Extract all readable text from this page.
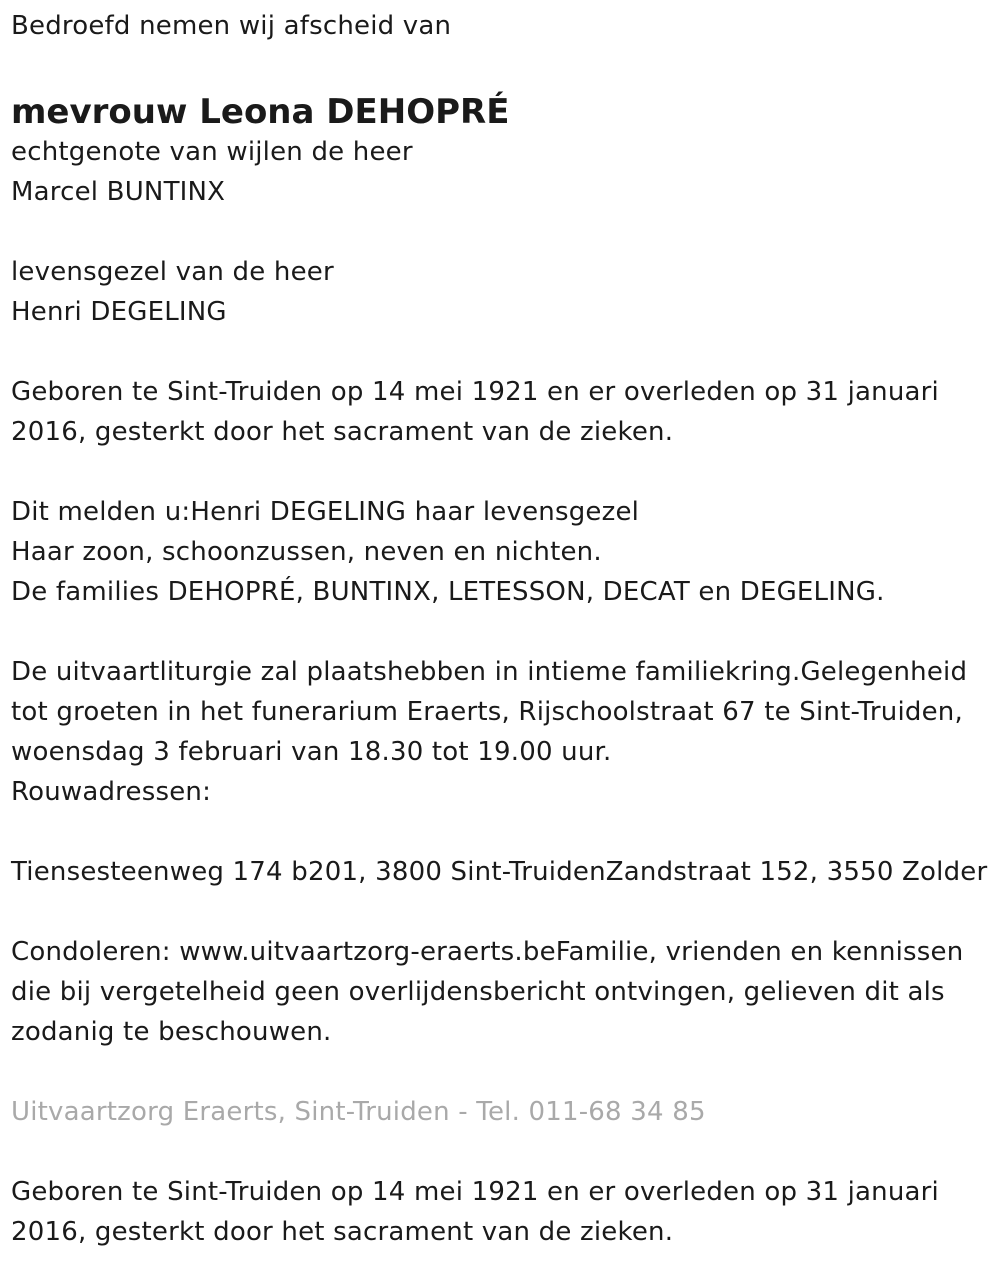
Bedroefd nemen wij afscheid van
mevrouw Leona DEHOPRÉ
echtgenote van wijlen de heer
Marcel BUNTINX
levensgezel van de heer
Henri DEGELING
Geboren te Sint-Truiden op 14 mei 1921 en er overleden op 31 januari
2016, gesterkt door het sacrament van de zieken.
Dit melden u:Henri DEGELING haar levensgezel
Haar zoon, schoonzussen, neven en nichten.
De families DEHOPRÉ, BUNTINX, LETESSON, DECAT en DEGELING.
De uitvaartliturgie zal plaatshebben in intieme familiekring.Gelegenheid
tot groeten in het funerarium Eraerts, Rijschoolstraat 67 te Sint-Truiden,
woensdag 3 februari van 18.30 tot 19.00 uur.
Rouwadressen:
Tiensesteenweg 174 b201, 3800 Sint-TruidenZandstraat 152, 3550 Zolder
Condoleren: www.uitvaartzorg-eraerts.beFamilie, vrienden en kennissen
die bij vergetelheid geen overlijdensbericht ontvingen, gelieven dit als
zodanig te beschouwen.
Uitvaartzorg Eraerts, Sint-Truiden - Tel. 011-68 34 85
Geboren te Sint-Truiden op 14 mei 1921 en er overleden op 31 januari
2016, gesterkt door het sacrament van de zieken.
